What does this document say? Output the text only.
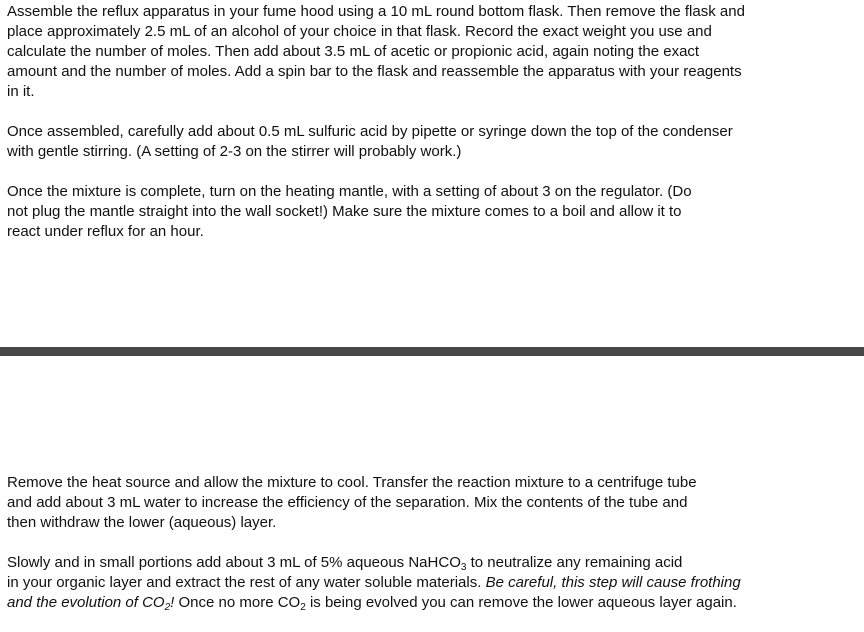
Assemble the reflux apparatus in your fume hood using a 10 mL round bottom flask. Then remove the flask and
place approximately 2.5 mL of an alcohol of your choice in that flask. Record the exact weight you use and
calculate the number of moles. Then add about 3.5 mL of acetic or propionic acid, again noting the exact
amount and the number of moles. Add a spin bar to the flask and reassemble the apparatus with your reagents
in it.

Once assembled, carefully add about 0.5 mL sulfuric acid by pipette or syringe down the top of the condenser
with gentle stirring. (A setting of 2-3 on the stirrer will probably work.)

Once the mixture is complete, turn on the heating mantle, with a setting of about 3 on the regulator. (Do
not plug the mantle straight into the wall socket!) Make sure the mixture comes to a boil and allow it to
react under reflux for an hour.

Remove the heat source and allow the mixture to cool. Transfer the reaction mixture to a centrifuge tube
and add about 3 mL water to increase the efficiency of the separation. Mix the contents of the tube and
then withdraw the lower (aqueous) layer.

Slowly and in small portions add about 3 mL of 5% aqueous NaHCO$_3$ to neutralize any remaining acid
in your organic layer and extract the rest of any water soluble materials. Be careful, this step will cause frothing
and the evolution of $CO_2$! Once no more $CO_2$ is being evolved you can remove the lower aqueous layer again.
